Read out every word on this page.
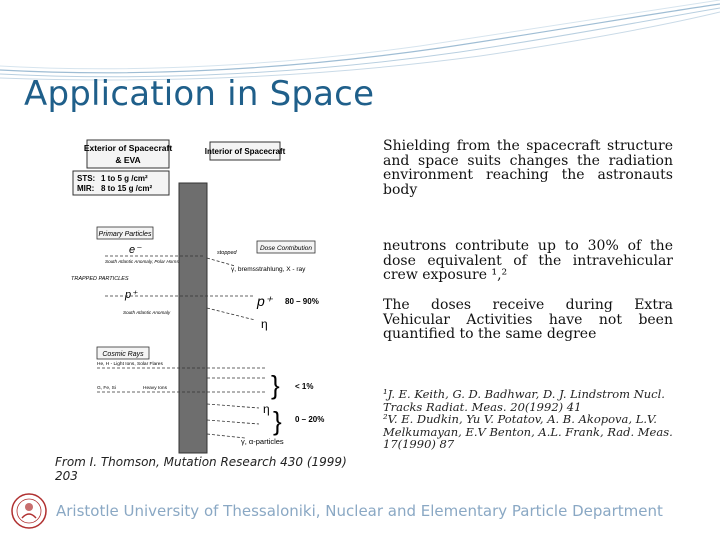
Application in Space
Exterior of Spacecraft
& EVA
Interior of Spacecraft
STS: 1 to 5 g /cm²
MIR: 8 to 15 g /cm²
Primary Particles
e⁻
South Atlantic Anomaly, Polar Horns
stopped
Dose Contribution
γ, bremsstrahlung, X - ray
TRAPPED PARTICLES
p⁺
South Atlantic Anomaly
p⁺ 80 – 90%
η
Cosmic Rays
He, H - Light Ions, Solar Flares
G, Fe, Si	Heavy Ions	} < 1%
η } 0 – 20%
γ, α-particles
Shielding from the spacecraft structure and space suits changes the radiation environment reaching the astronauts body
neutrons contribute up to 30% of the dose equivalent of the intravehicular crew exposure ¹,²
The doses receive during Extra Vehicular Activities have not been quantified to the same degree
¹J. E. Keith, G. D. Badhwar, D. J. Lindstrom Nucl. Tracks Radiat. Meas. 20(1992) 41
²V. E. Dudkin, Yu V. Potatov, A. B. Akopova, L.V. Melkumayan, E.V Benton, A.L. Frank, Rad. Meas. 17(1990) 87
From I. Thomson, Mutation Research 430 (1999) 203
Aristotle University of Thessaloniki, Nuclear and Elementary Particle Department
